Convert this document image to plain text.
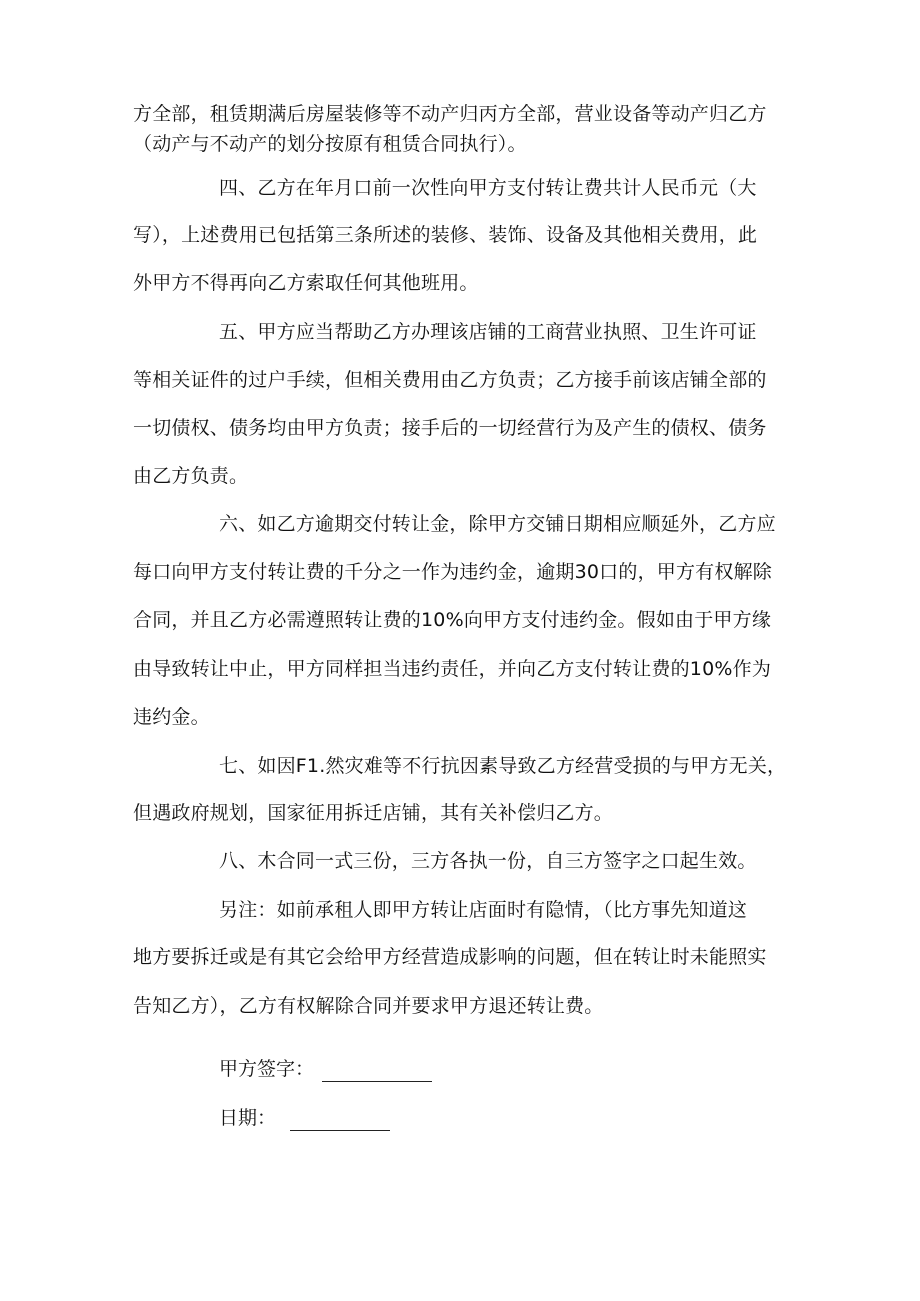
方全部，租赁期满后房屋装修等不动产归丙方全部，营业设备等动产归乙方
（动产与不动产的划分按原有租赁合同执行）。
四、乙方在年月口前一次性向甲方支付转让费共计人民币元（大
写），上述费用已包括第三条所述的装修、装饰、设备及其他相关费用，此
外甲方不得再向乙方索取任何其他班用。
五、甲方应当帮助乙方办理该店铺的工商营业执照、卫生许可证
等相关证件的过户手续，但相关费用由乙方负责；乙方接手前该店铺全部的
一切债权、债务均由甲方负责；接手后的一切经营行为及产生的债权、债务
由乙方负责。
六、如乙方逾期交付转让金，除甲方交铺日期相应顺延外，乙方应
每口向甲方支付转让费的千分之一作为违约金，逾期30口的，甲方有权解除
合同，并且乙方必需遵照转让费的10%向甲方支付违约金。假如由于甲方缘
由导致转让中止，甲方同样担当违约责任，并向乙方支付转让费的10%作为
违约金。
七、如因F1.然灾难等不行抗因素导致乙方经营受损的与甲方无关，
但遇政府规划，国家征用拆迁店铺，其有关补偿归乙方。
八、木合同一式三份，三方各执一份，自三方签字之口起生效。
另注：如前承租人即甲方转让店面时有隐情，（比方事先知道这
地方要拆迁或是有其它会给甲方经营造成影响的问题，但在转让时未能照实
告知乙方），乙方有权解除合同并要求甲方退还转让费。
甲方签字：
日期：
